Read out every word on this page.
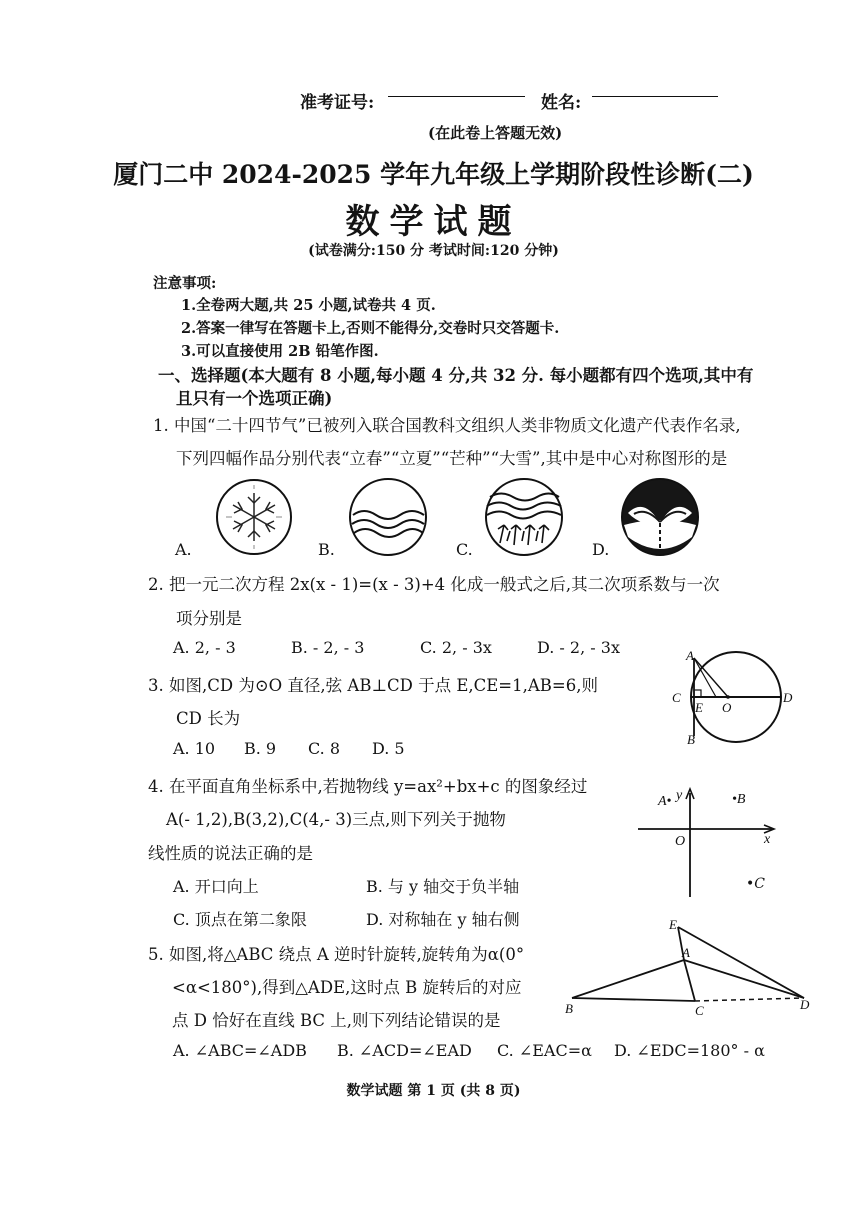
准考证号:	姓名:
(在此卷上答题无效)
厦门二中 2024-2025 学年九年级上学期阶段性诊断(二)
数学试题
(试卷满分:150 分 考试时间:120 分钟)
注意事项:
1.全卷两大题,共 25 小题,试卷共 4 页.
2.答案一律写在答题卡上,否则不能得分,交卷时只交答题卡.
3.可以直接使用 2B 铅笔作图.
一、选择题(本大题有 8 小题,每小题 4 分,共 32 分. 每小题都有四个选项,其中有
且只有一个选项正确)
1. 中国“二十四节气”已被列入联合国教科文组织人类非物质文化遗产代表作名录,
下列四幅作品分别代表“立春”“立夏”“芒种”“大雪”,其中是中心对称图形的是
A.	B.	C.	D.
2. 把一元二次方程 2x(x - 1)=(x - 3)+4 化成一般式之后,其二次项系数与一次
项分别是
A. 2, - 3	B. - 2, - 3	C. 2, - 3x	D. - 2, - 3x
3. 如图,CD 为⊙O 直径,弦 AB⊥CD 于点 E,CE=1,AB=6,则
CD 长为
A. 10 B. 9 C. 8 D. 5
A
C
E O
D
B
4. 在平面直角坐标系中,若抛物线 y=ax²+bx+c 的图象经过
A(- 1,2),B(3,2),C(4,- 3)三点,则下列关于抛物
线性质的说法正确的是
A. 开口向上	B. 与 y 轴交于负半轴
C. 顶点在第二象限	D. 对称轴在 y 轴右侧
y
A•	•B
O	x
•C
5. 如图,将△ABC 绕点 A 逆时针旋转,旋转角为α(0°
<α<180°),得到△ADE,这时点 B 旋转后的对应
点 D 恰好在直线 BC 上,则下列结论错误的是
A. ∠ABC=∠ADB B. ∠ACD=∠EAD C. ∠EAC=α D. ∠EDC=180° - α
E
A
B	C	D
数学试题 第 1 页 (共 8 页)
